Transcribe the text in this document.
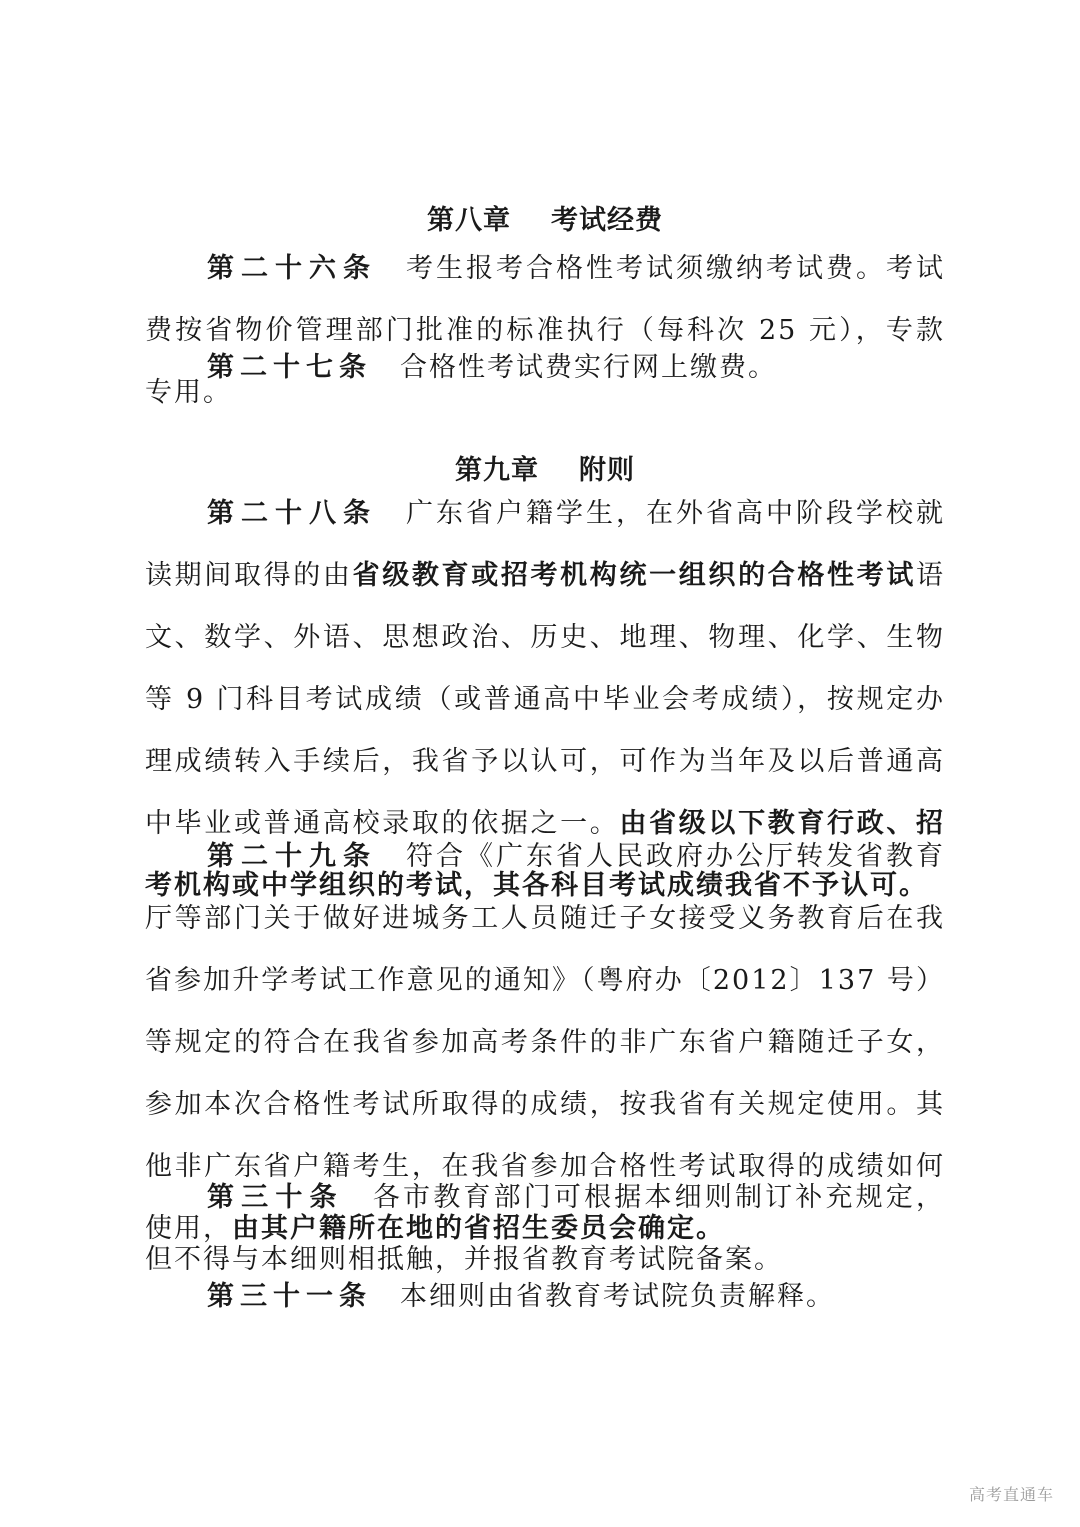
第八章 考试经费
第二十六条 考生报考合格性考试须缴纳考试费。考试费按省物价管理部门批准的标准执行（每科次 25 元），专款专用。
第二十七条 合格性考试费实行网上缴费。
第九章 附则
第二十八条 广东省户籍学生，在外省高中阶段学校就读期间取得的由省级教育或招考机构统一组织的合格性考试语文、数学、外语、思想政治、历史、地理、物理、化学、生物等 9 门科目考试成绩（或普通高中毕业会考成绩），按规定办理成绩转入手续后，我省予以认可，可作为当年及以后普通高中毕业或普通高校录取的依据之一。由省级以下教育行政、招考机构或中学组织的考试，其各科目考试成绩我省不予认可。
第二十九条 符合《广东省人民政府办公厅转发省教育厅等部门关于做好进城务工人员随迁子女接受义务教育后在我省参加升学考试工作意见的通知》（粤府办〔2012〕137 号）等规定的符合在我省参加高考条件的非广东省户籍随迁子女，参加本次合格性考试所取得的成绩，按我省有关规定使用。其他非广东省户籍考生，在我省参加合格性考试取得的成绩如何使用，由其户籍所在地的省招生委员会确定。
第三十条 各市教育部门可根据本细则制订补充规定，但不得与本细则相抵触，并报省教育考试院备案。
第三十一条 本细则由省教育考试院负责解释。
高考直通车
